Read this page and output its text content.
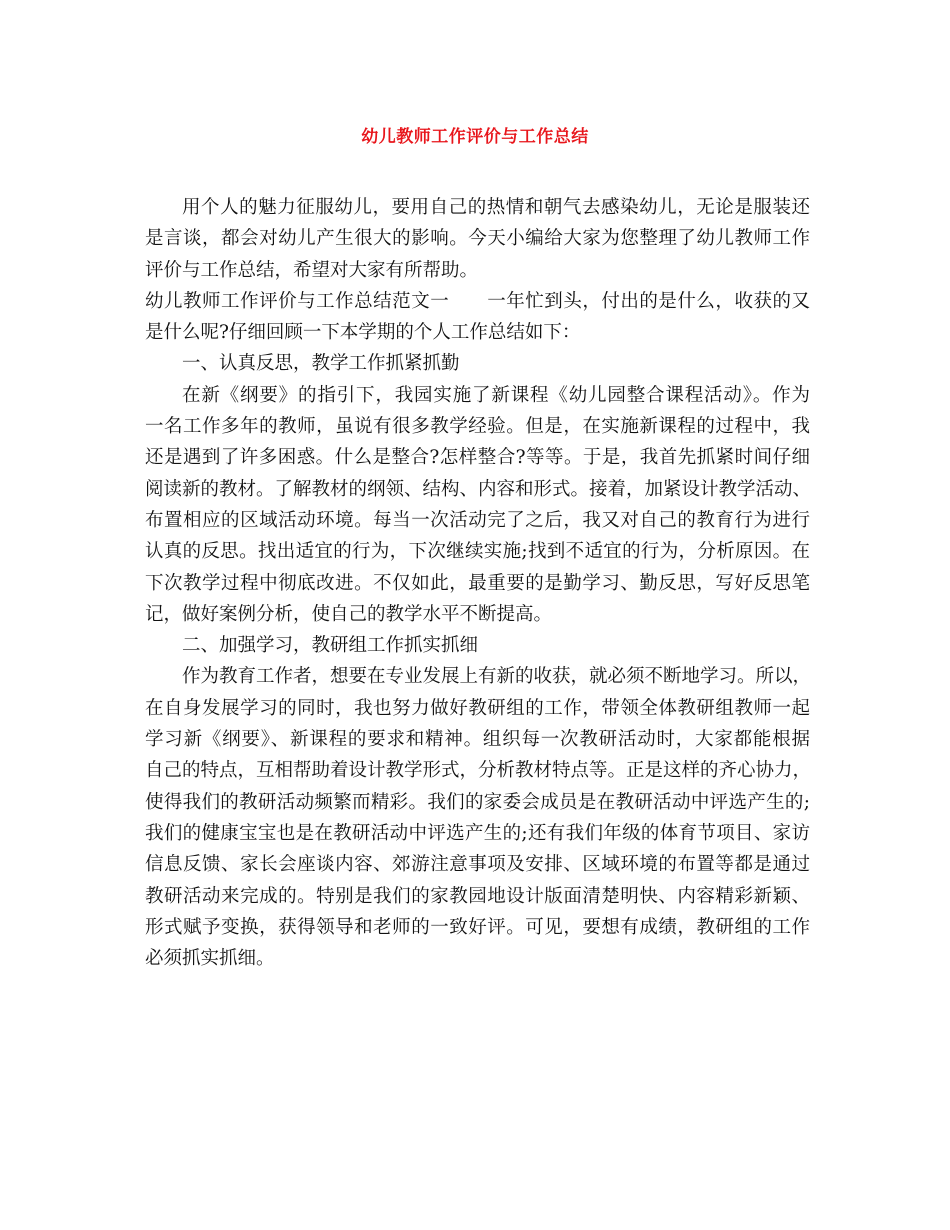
幼儿教师工作评价与工作总结
用个人的魅力征服幼儿，要用自己的热情和朝气去感染幼儿，无论是服装还
是言谈，都会对幼儿产生很大的影响。今天小编给大家为您整理了幼儿教师工作
评价与工作总结，希望对大家有所帮助。
幼儿教师工作评价与工作总结范文一　　一年忙到头，付出的是什么，收获的又
是什么呢?仔细回顾一下本学期的个人工作总结如下：
一、认真反思，教学工作抓紧抓勤
在新《纲要》的指引下，我园实施了新课程《幼儿园整合课程活动》。作为
一名工作多年的教师，虽说有很多教学经验。但是，在实施新课程的过程中，我
还是遇到了许多困惑。什么是整合?怎样整合?等等。于是，我首先抓紧时间仔细
阅读新的教材。了解教材的纲领、结构、内容和形式。接着，加紧设计教学活动、
布置相应的区域活动环境。每当一次活动完了之后，我又对自己的教育行为进行
认真的反思。找出适宜的行为，下次继续实施;找到不适宜的行为，分析原因。在
下次教学过程中彻底改进。不仅如此，最重要的是勤学习、勤反思，写好反思笔
记，做好案例分析，使自己的教学水平不断提高。
二、加强学习，教研组工作抓实抓细
作为教育工作者，想要在专业发展上有新的收获，就必须不断地学习。所以，
在自身发展学习的同时，我也努力做好教研组的工作，带领全体教研组教师一起
学习新《纲要》、新课程的要求和精神。组织每一次教研活动时，大家都能根据
自己的特点，互相帮助着设计教学形式，分析教材特点等。正是这样的齐心协力，
使得我们的教研活动频繁而精彩。我们的家委会成员是在教研活动中评选产生的;
我们的健康宝宝也是在教研活动中评选产生的;还有我们年级的体育节项目、家访
信息反馈、家长会座谈内容、郊游注意事项及安排、区域环境的布置等都是通过
教研活动来完成的。特别是我们的家教园地设计版面清楚明快、内容精彩新颖、
形式赋予变换，获得领导和老师的一致好评。可见，要想有成绩，教研组的工作
必须抓实抓细。
